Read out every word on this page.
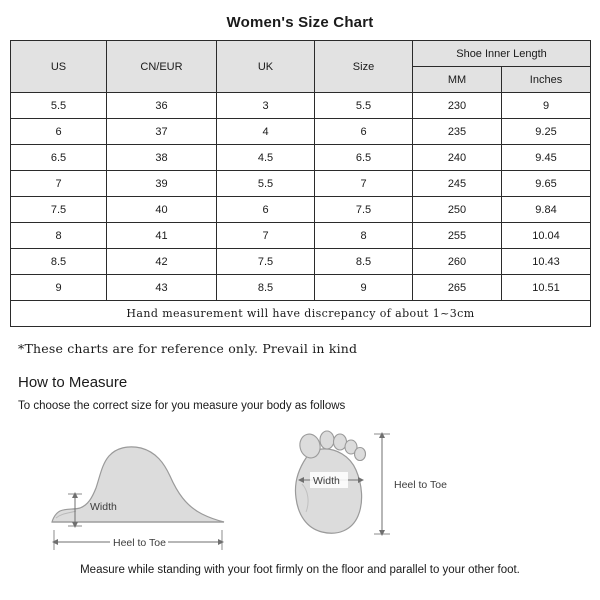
Women's Size Chart
US	CN/EUR	UK	Size	Shoe Inner Length	
				MM	Inches
5.5	36	3	5.5	230	9
6	37	4	6	235	9.25
6.5	38	4.5	6.5	240	9.45
7	39	5.5	7	245	9.65
7.5	40	6	7.5	250	9.84
8	41	7	8	255	10.04
8.5	42	7.5	8.5	260	10.43
9	43	8.5	9	265	10.51
Hand measurement will have discrepancy of about 1~3cm					
*These charts are for reference only. Prevail in kind
How to Measure
To choose the correct size for you measure your body as follows
Width
Heel to Toe
Width	Heel to Toe
Measure while standing with your foot firmly on the floor and parallel to your other foot.
